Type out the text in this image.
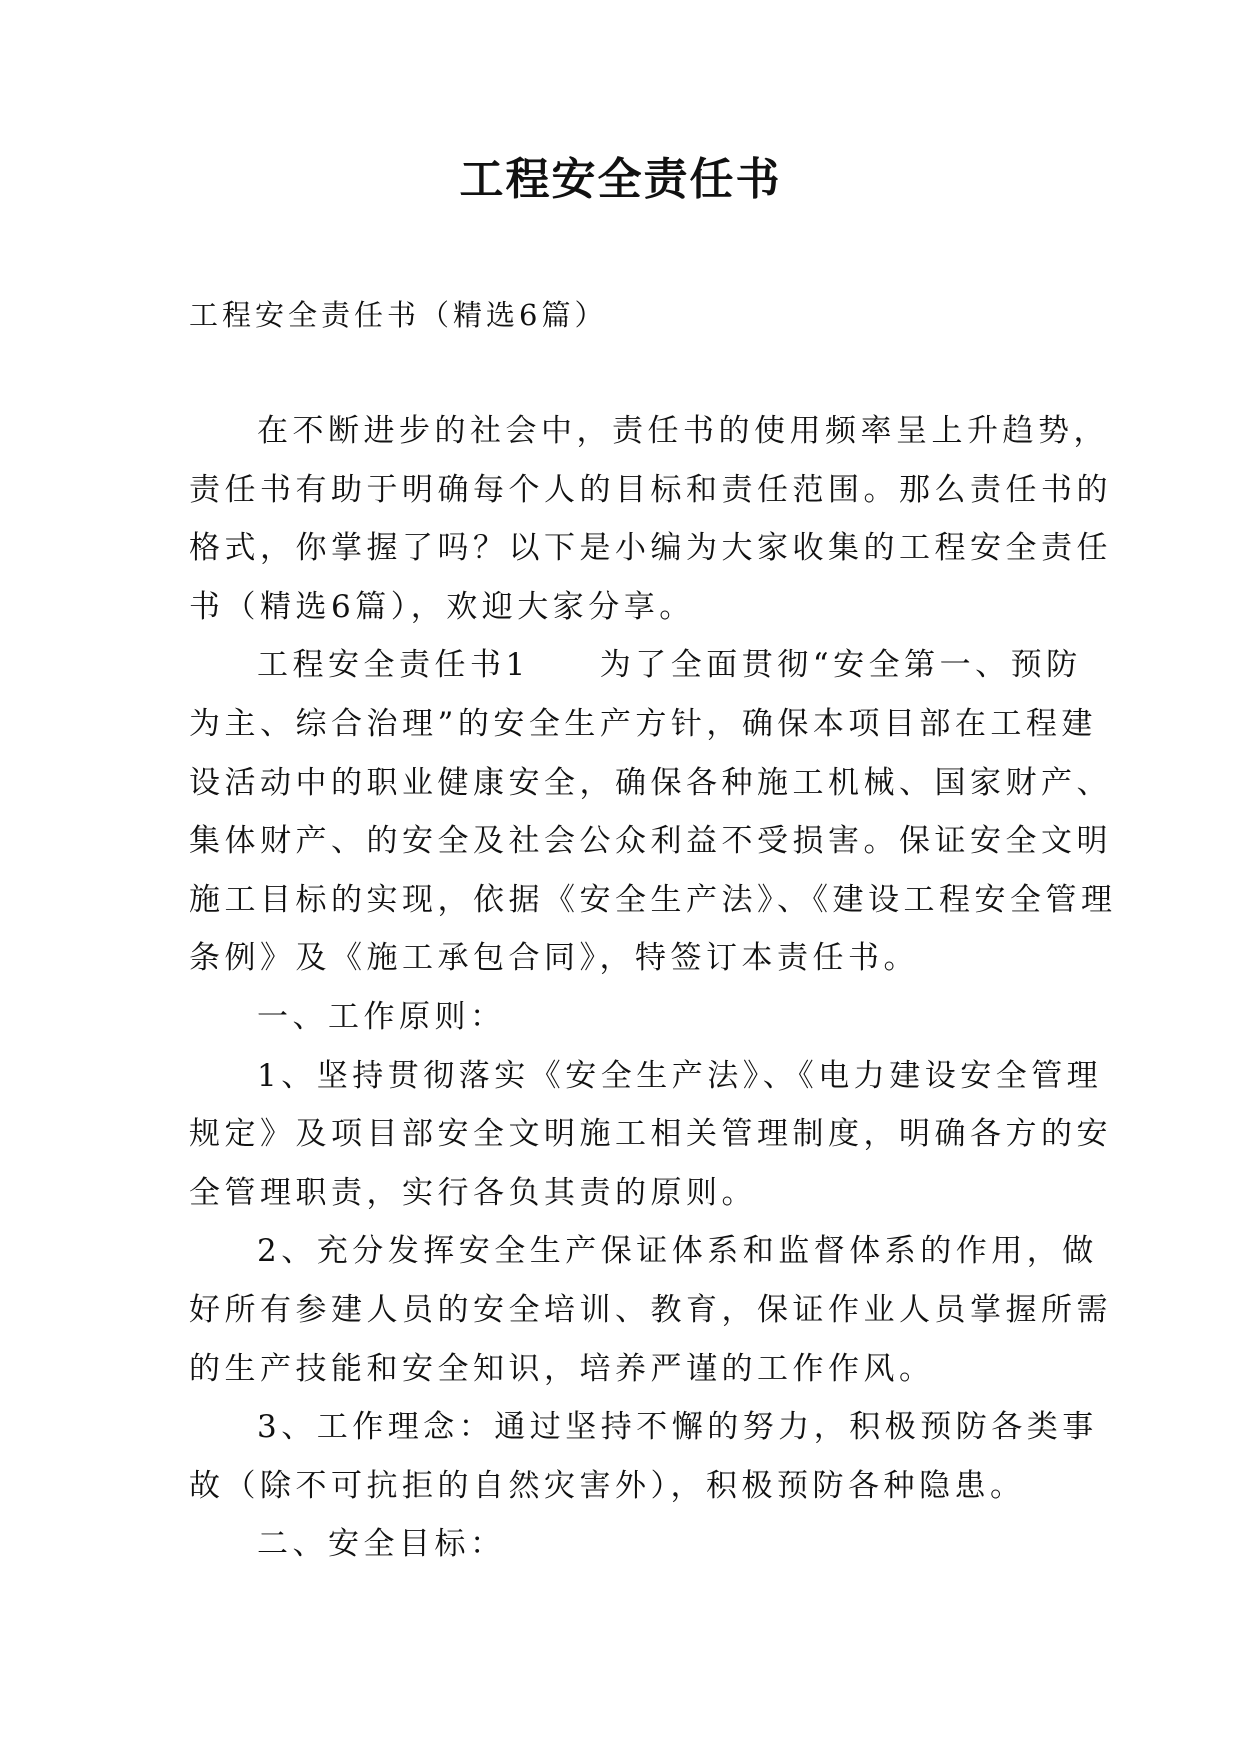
工程安全责任书

工程安全责任书（精选6篇）

在不断进步的社会中，责任书的使用频率呈上升趋势，
责任书有助于明确每个人的目标和责任范围。那么责任书的
格式，你掌握了吗？以下是小编为大家收集的工程安全责任
书（精选6篇），欢迎大家分享。
工程安全责任书1 为了全面贯彻“安全第一、预防
为主、综合治理”的安全生产方针，确保本项目部在工程建
设活动中的职业健康安全，确保各种施工机械、国家财产、
集体财产、的安全及社会公众利益不受损害。保证安全文明
施工目标的实现，依据《安全生产法》、《建设工程安全管理
条例》及《施工承包合同》，特签订本责任书。
一、工作原则：
1、坚持贯彻落实《安全生产法》、《电力建设安全管理
规定》及项目部安全文明施工相关管理制度，明确各方的安
全管理职责，实行各负其责的原则。
2、充分发挥安全生产保证体系和监督体系的作用，做
好所有参建人员的安全培训、教育，保证作业人员掌握所需
的生产技能和安全知识，培养严谨的工作作风。
3、工作理念：通过坚持不懈的努力，积极预防各类事
故（除不可抗拒的自然灾害外），积极预防各种隐患。
二、安全目标：
